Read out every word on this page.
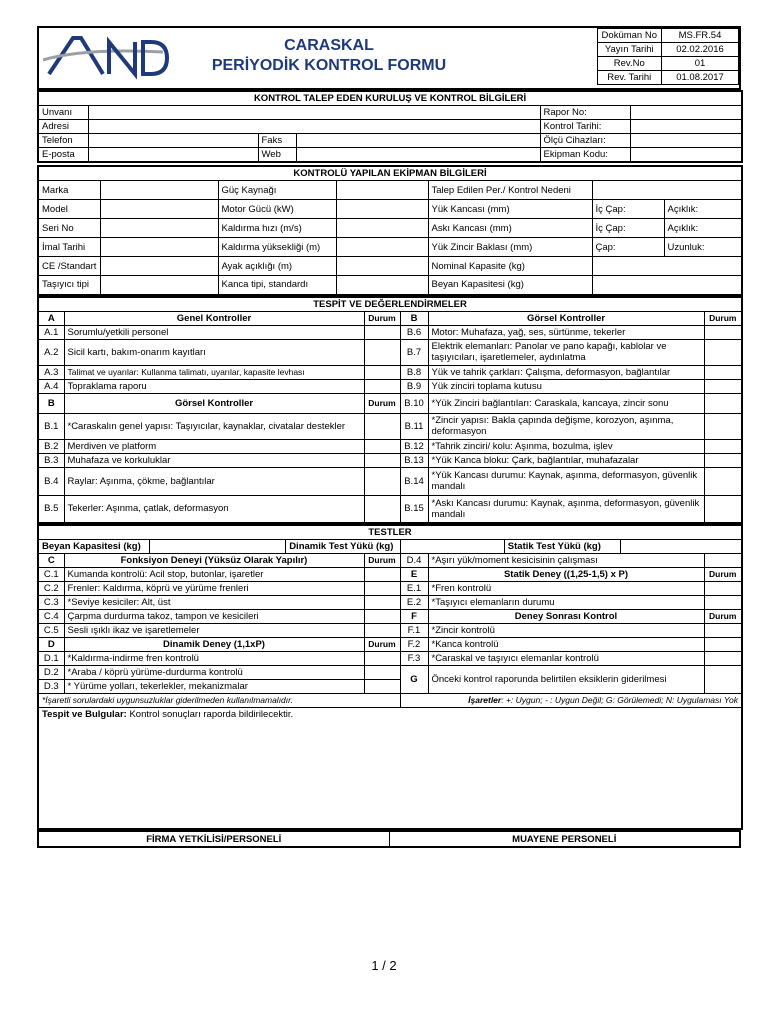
CARASKAL
PERİYODİK KONTROL FORMU
Doküman No	MS.FR.54
Yayın Tarihi	02.02.2016
Rev.No	01
Rev. Tarihi	01.08.2017
KONTROL TALEP EDEN KURULUŞ VE KONTROL BİLGİLERİ					
Unvanı				Rapor No:	
Adresi				Kontrol Tarihi:	
Telefon		Faks		Ölçü Cihazları:	
E-posta		Web		Ekipman Kodu:	
KONTROLÜ YAPILAN EKİPMAN BİLGİLERİ						
Marka		Güç Kaynağı		Talep Edilen Per./ Kontrol Nedeni		
Model		Motor Gücü (kW)		Yük Kancası (mm)	İç Çap:	Açıklık:
Seri No		Kaldırma hızı (m/s)		Askı Kancası (mm)	İç Çap:	Açıklık:
İmal Tarihi		Kaldırma yüksekliği (m)		Yük Zincir Baklası (mm)	Çap:	Uzunluk:
CE /Standart		Ayak açıklığı (m)		Nominal Kapasite (kg)		
Taşıyıcı tipi		Kanca tipi, standardı		Beyan Kapasitesi (kg)		
TESPİT VE DEĞERLENDİRMELER					
A	Genel Kontroller	Durum	B	Görsel Kontroller	Durum
A.1	Sorumlu/yetkili personel		B.6	Motor: Muhafaza, yağ, ses, sürtünme, tekerler	
A.2	Sicil kartı, bakım-onarım kayıtları		B.7	Elektrik elemanları: Panolar ve pano kapağı, kablolar ve taşıyıcıları, işaretlemeler, aydınlatma	
A.3	Talimat ve uyarılar: Kullanma talimatı, uyarılar, kapasite levhası		B.8	Yük ve tahrik çarkları: Çalışma, deformasyon, bağlantılar	
A.4	Topraklama raporu		B.9	Yük zinciri toplama kutusu	
B	Görsel Kontroller	Durum	B.10	*Yük Zinciri bağlantıları: Caraskala, kancaya, zincir sonu	
B.1	*Caraskalın genel yapısı: Taşıyıcılar, kaynaklar, civatalar destekler		B.11	*Zincir yapısı: Bakla çapında değişme, korozyon, aşınma, deformasyon	
B.2	Merdiven ve platform		B.12	*Tahrik zinciri/ kolu: Aşınma, bozulma, işlev	
B.3	Muhafaza ve korkuluklar		B.13	*Yük Kanca bloku: Çark, bağlantılar, muhafazalar	
B.4	Raylar: Aşınma, çökme, bağlantılar		B.14	*Yük Kancası durumu: Kaynak, aşınma, deformasyon, güvenlik mandalı	
B.5	Tekerler: Aşınma, çatlak, deformasyon		B.15	*Askı Kancası durumu: Kaynak, aşınma, deformasyon, güvenlik mandalı	
TESTLER

Beyan Kapasitesi (kg)		Dinamik Test Yükü (kg)		Statik Test Yükü (kg)	

C	Fonksiyon Deneyi (Yüksüz Olarak Yapılır)	Durum	D.4	*Aşırı yük/moment kesicisinin çalışması	
C.1	Kumanda kontrolü: Acil stop, butonlar, işaretler		E	Statik Deney ((1,25-1,5) x P)	Durum
C.2	Frenler: Kaldırma, köprü ve yürüme frenleri		E.1	*Fren kontrolü	
C.3	*Seviye kesiciler: Alt, üst		E.2	*Taşıyıcı elemanların durumu	
C.4	Çarpma durdurma takoz, tampon ve kesicileri		F	Deney Sonrası Kontrol	Durum
C.5	Sesli ışıklı ikaz ve işaretlemeler		F.1	*Zincir kontrolü	
D	Dinamik Deney (1,1xP)	Durum	F.2	*Kanca kontrolü	
D.1	*Kaldırma-indirme fren kontrolü		F.3	*Caraskal ve taşıyıcı elemanlar kontrolü	
D.2	*Araba / köprü yürüme-durdurma kontrolü		G	Önceki kontrol raporunda belirtilen eksiklerin giderilmesi	
D.3	* Yürüme yolları, tekerlekler, mekanizmalar	
*İşaretli sorulardaki uygunsuzluklar giderilmeden kullanılmamalıdır.	İşaretler: +: Uygun; - : Uygun Değil; G: Görülemedi; N: Uygulaması Yok
Tespit ve Bulgular: Kontrol sonuçları raporda bildirilecektir.
FİRMA YETKİLİSİ/PERSONELİ	MUAYENE PERSONELİ
1 / 2
